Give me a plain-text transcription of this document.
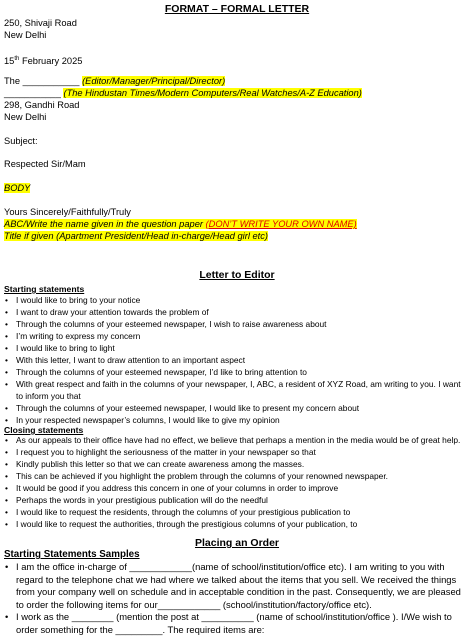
FORMAT – FORMAL LETTER
250, Shivaji Road
New Delhi
15th February 2025
The ___________ (Editor/Manager/Principal/Director)
___________ (The Hindustan Times/Modern Computers/Real Watches/A-Z Education)
298, Gandhi Road
New Delhi
Subject:
Respected Sir/Mam
BODY
Yours Sincerely/Faithfully/Truly
ABC/Write the name given in the question paper (DON’T WRITE YOUR OWN NAME)
Title if given (Apartment President/Head in-charge/Head girl etc)
Letter to Editor
Starting statements
• I would like to bring to your notice
• I want to draw your attention towards the problem of
• Through the columns of your esteemed newspaper, I wish to raise awareness about
• I’m writing to express my concern
• I would like to bring to light
• With this letter, I want to draw attention to an important aspect
• Through the columns of your esteemed newspaper, I’d like to bring attention to
• With great respect and faith in the columns of your newspaper, I, ABC, a resident of XYZ Road, am writing to you. I want to inform you that
• Through the columns of your esteemed newspaper, I would like to present my concern about
• In your respected newspaper’s columns, I would like to give my opinion
Closing statements
• As our appeals to their office have had no effect, we believe that perhaps a mention in the media would be of great help.
• I request you to highlight the seriousness of the matter in your newspaper so that
• Kindly publish this letter so that we can create awareness among the masses.
• This can be achieved if you highlight the problem through the columns of your renowned newspaper.
• It would be good if you address this concern in one of your columns in order to improve
• Perhaps the words in your prestigious publication will do the needful
• I would like to request the residents, through the columns of your prestigious publication to
• I would like to request the authorities, through the prestigious columns of your publication, to
Placing an Order
Starting Statements Samples
• I am the office in-charge of ____________(name of school/institution/office etc). I am writing to you with regard to the telephone chat we had where we talked about the items that you sell. We received the things from your company well on schedule and in acceptable condition in the past. Consequently, we are pleased to order the following items for our____________ (school/institution/factory/office etc).
• I work as the ________ (mention the post at __________ (name of school/institution/office ). I/We wish to order something for the _________. The required items are:
